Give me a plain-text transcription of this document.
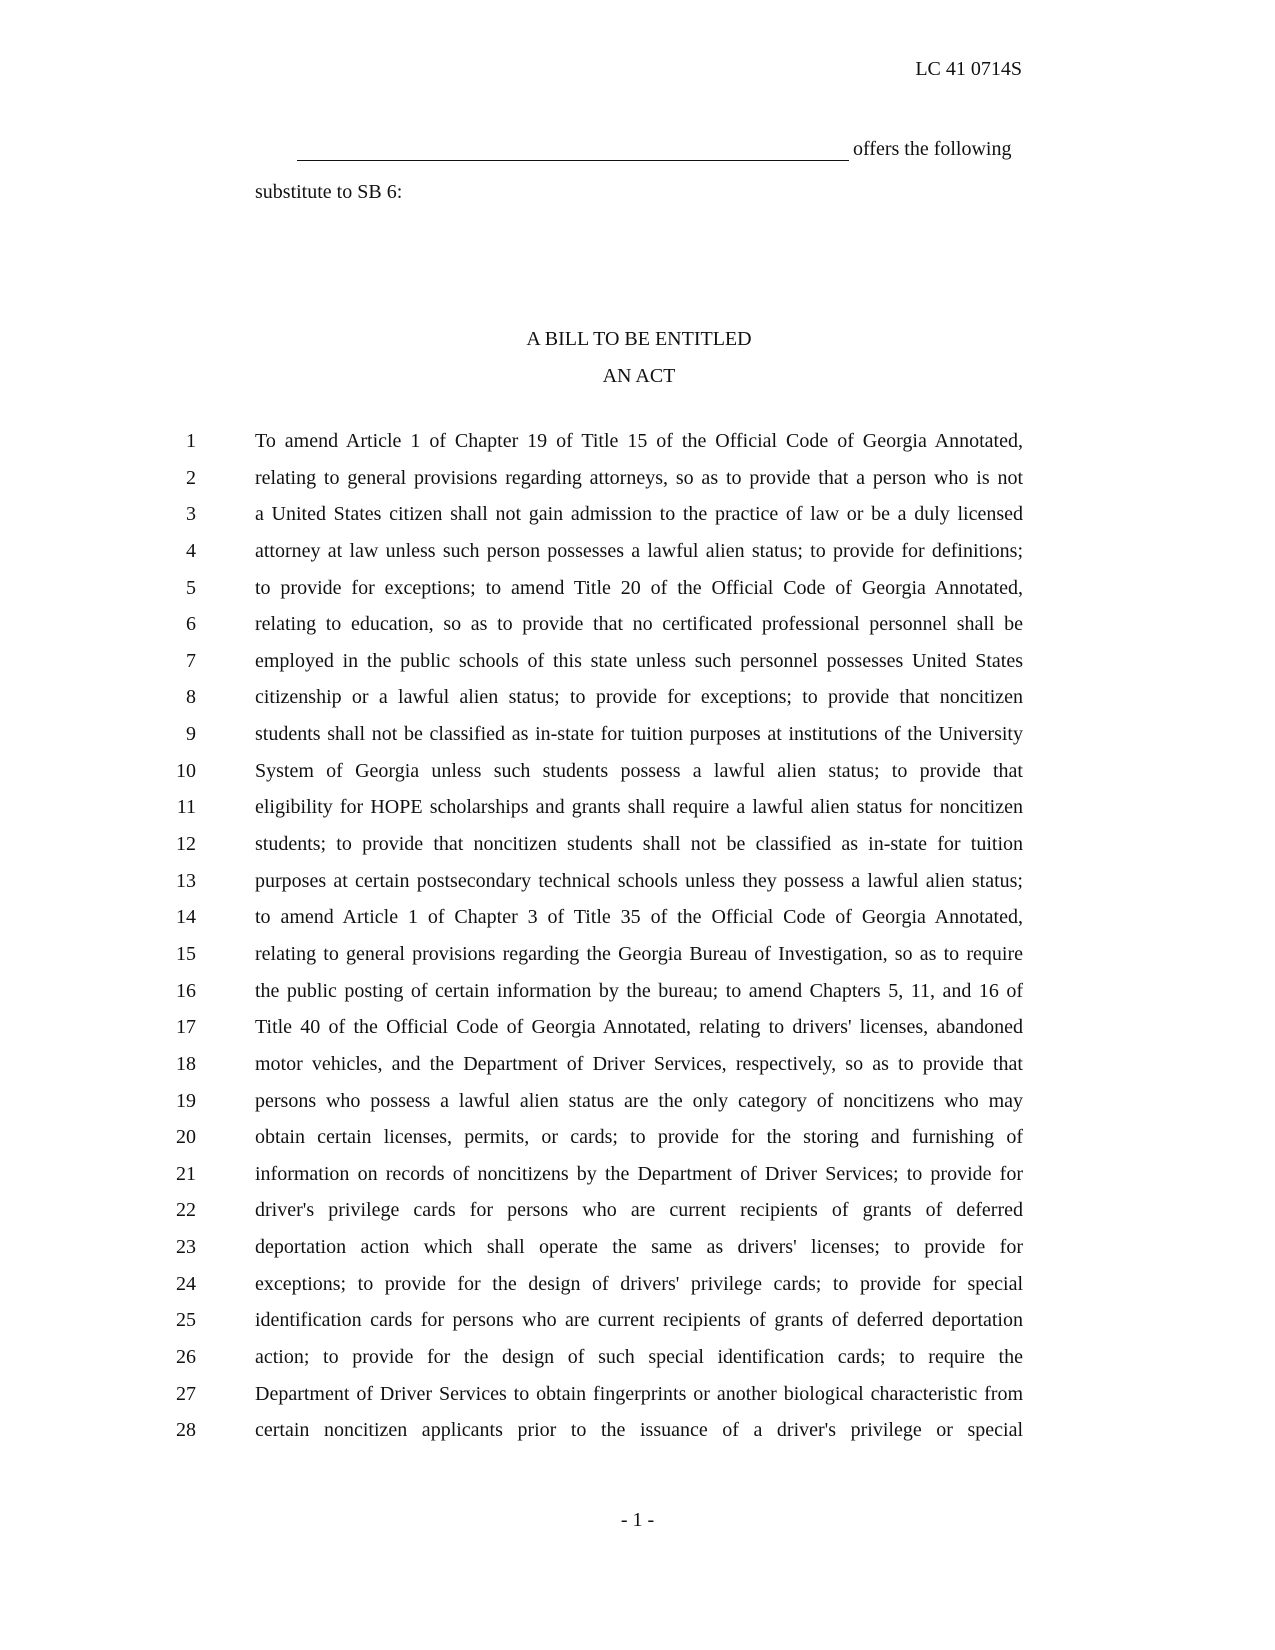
LC 41 0714S
offers the following
substitute to SB 6:
A BILL TO BE ENTITLED
AN ACT
1	To amend Article 1 of Chapter 19 of Title 15 of the Official Code of Georgia Annotated,
2	relating to general provisions regarding attorneys, so as to provide that a person who is not
3	a United States citizen shall not gain admission to the practice of law or be a duly licensed
4	attorney at law unless such person possesses a lawful alien status; to provide for definitions;
5	to provide for exceptions; to amend Title 20 of the Official Code of Georgia Annotated,
6	relating to education, so as to provide that no certificated professional personnel shall be
7	employed in the public schools of this state unless such personnel possesses United States
8	citizenship or a lawful alien status; to provide for exceptions; to provide that noncitizen
9	students shall not be classified as in-state for tuition purposes at institutions of the University
10	System of Georgia unless such students possess a lawful alien status; to provide that
11	eligibility for HOPE scholarships and grants shall require a lawful alien status for noncitizen
12	students; to provide that noncitizen students shall not be classified as in-state for tuition
13	purposes at certain postsecondary technical schools unless they possess a lawful alien status;
14	to amend Article 1 of Chapter 3 of Title 35 of the Official Code of Georgia Annotated,
15	relating to general provisions regarding the Georgia Bureau of Investigation, so as to require
16	the public posting of certain information by the bureau; to amend Chapters 5, 11, and 16 of
17	Title 40 of the Official Code of Georgia Annotated, relating to drivers' licenses, abandoned
18	motor vehicles, and the Department of Driver Services, respectively, so as to provide that
19	persons who possess a lawful alien status are the only category of noncitizens who may
20	obtain certain licenses, permits, or cards; to provide for the storing and furnishing of
21	information on records of noncitizens by the Department of Driver Services; to provide for
22	driver's privilege cards for persons who are current recipients of grants of deferred
23	deportation action which shall operate the same as drivers' licenses; to provide for
24	exceptions; to provide for the design of drivers' privilege cards; to provide for special
25	identification cards for persons who are current recipients of grants of deferred deportation
26	action; to provide for the design of such special identification cards; to require the
27	Department of Driver Services to obtain fingerprints or another biological characteristic from
28	certain noncitizen applicants prior to the issuance of a driver's privilege or special
- 1 -
